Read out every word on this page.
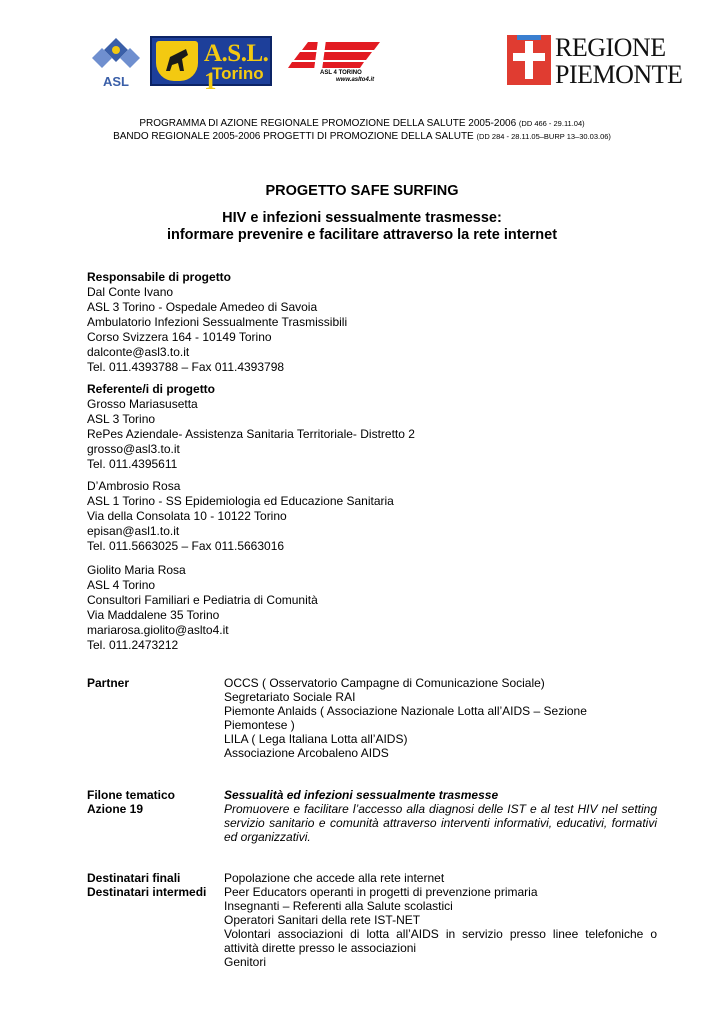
ASL
A.S.L. 1
Torino	ASL 4 TORINO
www.aslto4.it
REGIONE
PIEMONTE

PROGRAMMA DI AZIONE REGIONALE PROMOZIONE DELLA SALUTE 2005-2006 (DD 466 - 29.11.04)

BANDO REGIONALE 2005-2006 PROGETTI DI PROMOZIONE DELLA SALUTE (DD 284 - 28.11.05–BURP 13–30.03.06)

PROGETTO SAFE SURFING

HIV e infezioni sessualmente trasmesse:

informare prevenire e facilitare attraverso la rete internet

Responsabile di progetto

Dal Conte Ivano

ASL 3 Torino - Ospedale Amedeo di Savoia

Ambulatorio Infezioni Sessualmente Trasmissibili

Corso Svizzera 164 - 10149 Torino

dalconte@asl3.to.it

Tel. 011.4393788 – Fax 011.4393798

Referente/i di progetto

Grosso Mariasusetta

ASL 3 Torino

RePes Aziendale- Assistenza Sanitaria Territoriale- Distretto 2

grosso@asl3.to.it

Tel. 011.4395611

D’Ambrosio Rosa

ASL 1 Torino - SS Epidemiologia ed Educazione Sanitaria

Via della Consolata 10 - 10122 Torino

episan@asl1.to.it

Tel. 011.5663025 – Fax 011.5663016

Giolito Maria Rosa

ASL 4 Torino

Consultori Familiari e Pediatria di Comunità

Via Maddalene 35 Torino

mariarosa.giolito@aslto4.it

Tel. 011.2473212

Partner	OCCS ( Osservatorio Campagne di Comunicazione Sociale)

Segretariato Sociale RAI

Piemonte Anlaids ( Associazione Nazionale Lotta all’AIDS – Sezione

Piemontese )

LILA ( Lega Italiana Lotta all’AIDS)

Associazione Arcobaleno AIDS

Filone tematico

Azione 19

Sessualità ed infezioni sessualmente trasmesse

Promuovere e facilitare l’accesso alla diagnosi delle IST e al test HIV nel setting servizio sanitario e comunità attraverso interventi informativi, educativi, formativi ed organizzativi.

Destinatari finali

Destinatari intermedi

Popolazione che accede alla rete internet

Peer Educators operanti in progetti di prevenzione primaria

Insegnanti – Referenti alla Salute scolastici

Operatori Sanitari della rete IST-NET

Volontari associazioni di lotta all’AIDS in servizio presso linee telefoniche o attività dirette presso le associazioni

Genitori
